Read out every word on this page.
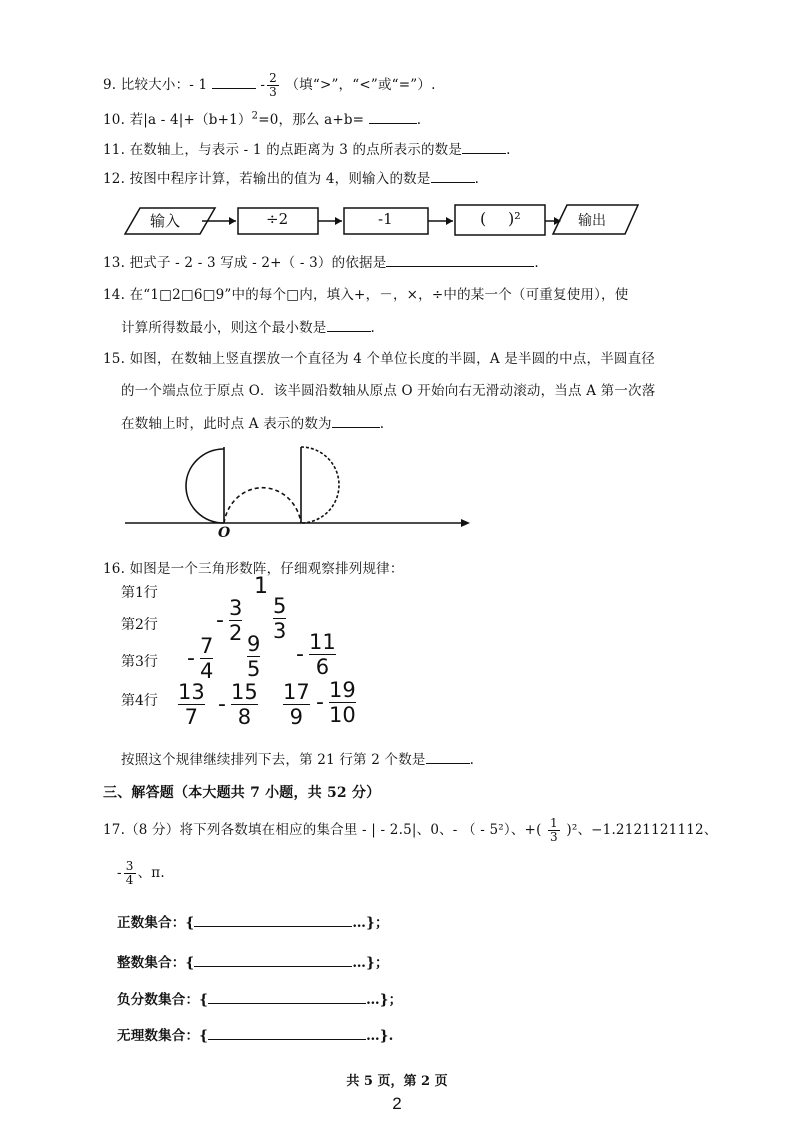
9. 比较大小：- 1	- $\frac{2}{3}$ （填“>”，“<”或“=”）.
10. 若$|a - 4|+(b+1)^2=0$，那么 a+b=	.
11. 在数轴上，与表示 - 1 的点距离为 3 的点所表示的数是	.
12. 按图中程序计算，若输出的值为 4，则输入的数是	.
输入	÷2	-1	( )²	输出
13. 把式子 - 2 - 3 写成 - 2+（ - 3）的依据是	.
14. 在“1□2□6□9”中的每个□内，填入+，－，×，÷中的某一个（可重复使用），使
计算所得数最小，则这个最小数是	.
15. 如图，在数轴上竖直摆放一个直径为 4 个单位长度的半圆，A 是半圆的中点，半圆直径
的一个端点位于原点 O．该半圆沿数轴从原点 O 开始向右无滑动滚动，当点 A 第一次落
在数轴上时，此时点 A 表示的数为	.
O
16. 如图是一个三角形数阵，仔细观察排列规律：
第1行	1
第2行	- $\frac{3}{2} \frac{5}{3}$
第3行 - $\frac{7}{4} \frac{9}{5} - \frac{11}{6}$
第4行 $\frac{13}{7} - \frac{15}{8} \frac{17}{9} - \frac{19}{10}$
按照这个规律继续排列下去，第 21 行第 2 个数是	.
三、解答题（本大题共 7 小题，共 52 分）
17.（8 分）将下列各数填在相应的集合里 - | - 2.5|、0、- （ - 5²）、+( $\frac{1}{3} )^2$、−1.2121121112、
- $\frac{3}{4}$ 、π.
正数集合：{	…}；
整数集合：{	…}；
负分数集合：{	…}；
无理数集合：{	…}.
共 5 页，第 2 页
2
